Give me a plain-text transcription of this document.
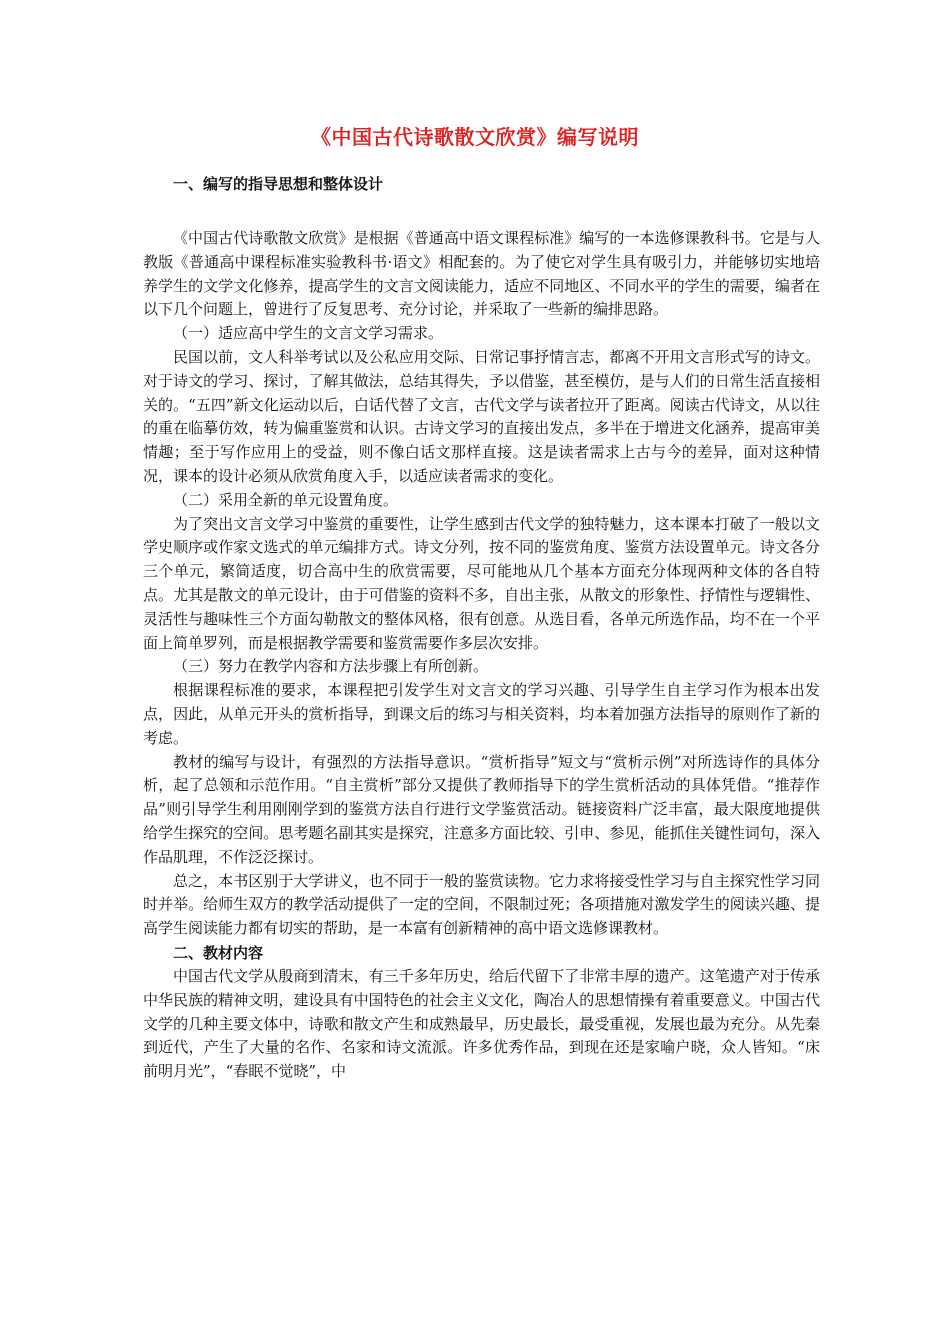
《中国古代诗歌散文欣赏》编写说明
一、编写的指导思想和整体设计

《中国古代诗歌散文欣赏》是根据《普通高中语文课程标准》编写的一本选修课教科书。它是与人教版《普通高中课程标准实验教科书·语文》相配套的。为了使它对学生具有吸引力，并能够切实地培养学生的文学文化修养，提高学生的文言文阅读能力，适应不同地区、不同水平的学生的需要，编者在以下几个问题上，曾进行了反复思考、充分讨论，并采取了一些新的编排思路。

（一）适应高中学生的文言文学习需求。

民国以前，文人科举考试以及公私应用交际、日常记事抒情言志，都离不开用文言形式写的诗文。对于诗文的学习、探讨，了解其做法，总结其得失，予以借鉴，甚至模仿，是与人们的日常生活直接相关的。“五四”新文化运动以后，白话代替了文言，古代文学与读者拉开了距离。阅读古代诗文，从以往的重在临摹仿效，转为偏重鉴赏和认识。古诗文学习的直接出发点，多半在于增进文化涵养，提高审美情趣；至于写作应用上的受益，则不像白话文那样直接。这是读者需求上古与今的差异，面对这种情况，课本的设计必须从欣赏角度入手，以适应读者需求的变化。

（二）采用全新的单元设置角度。

为了突出文言文学习中鉴赏的重要性，让学生感到古代文学的独特魅力，这本课本打破了一般以文学史顺序或作家文选式的单元编排方式。诗文分列，按不同的鉴赏角度、鉴赏方法设置单元。诗文各分三个单元，繁简适度，切合高中生的欣赏需要，尽可能地从几个基本方面充分体现两种文体的各自特点。尤其是散文的单元设计，由于可借鉴的资料不多，自出主张，从散文的形象性、抒情性与逻辑性、灵活性与趣味性三个方面勾勒散文的整体风格，很有创意。从选目看，各单元所选作品，均不在一个平面上简单罗列，而是根据教学需要和鉴赏需要作多层次安排。

（三）努力在教学内容和方法步骤上有所创新。

根据课程标准的要求，本课程把引发学生对文言文的学习兴趣、引导学生自主学习作为根本出发点，因此，从单元开头的赏析指导，到课文后的练习与相关资料，均本着加强方法指导的原则作了新的考虑。

教材的编写与设计，有强烈的方法指导意识。“赏析指导”短文与“赏析示例”对所选诗作的具体分析，起了总领和示范作用。“自主赏析”部分又提供了教师指导下的学生赏析活动的具体凭借。“推荐作品”则引导学生利用刚刚学到的鉴赏方法自行进行文学鉴赏活动。链接资料广泛丰富，最大限度地提供给学生探究的空间。思考题名副其实是探究，注意多方面比较、引申、参见，能抓住关键性词句，深入作品肌理，不作泛泛探讨。

总之，本书区别于大学讲义，也不同于一般的鉴赏读物。它力求将接受性学习与自主探究性学习同时并举。给师生双方的教学活动提供了一定的空间，不限制过死；各项措施对激发学生的阅读兴趣、提高学生阅读能力都有切实的帮助，是一本富有创新精神的高中语文选修课教材。

二、教材内容

中国古代文学从殷商到清末，有三千多年历史，给后代留下了非常丰厚的遗产。这笔遗产对于传承中华民族的精神文明，建设具有中国特色的社会主义文化，陶冶人的思想情操有着重要意义。中国古代文学的几种主要文体中，诗歌和散文产生和成熟最早，历史最长，最受重视，发展也最为充分。从先秦到近代，产生了大量的名作、名家和诗文流派。许多优秀作品，到现在还是家喻户晓，众人皆知。“床前明月光”，“春眠不觉晓”，中
